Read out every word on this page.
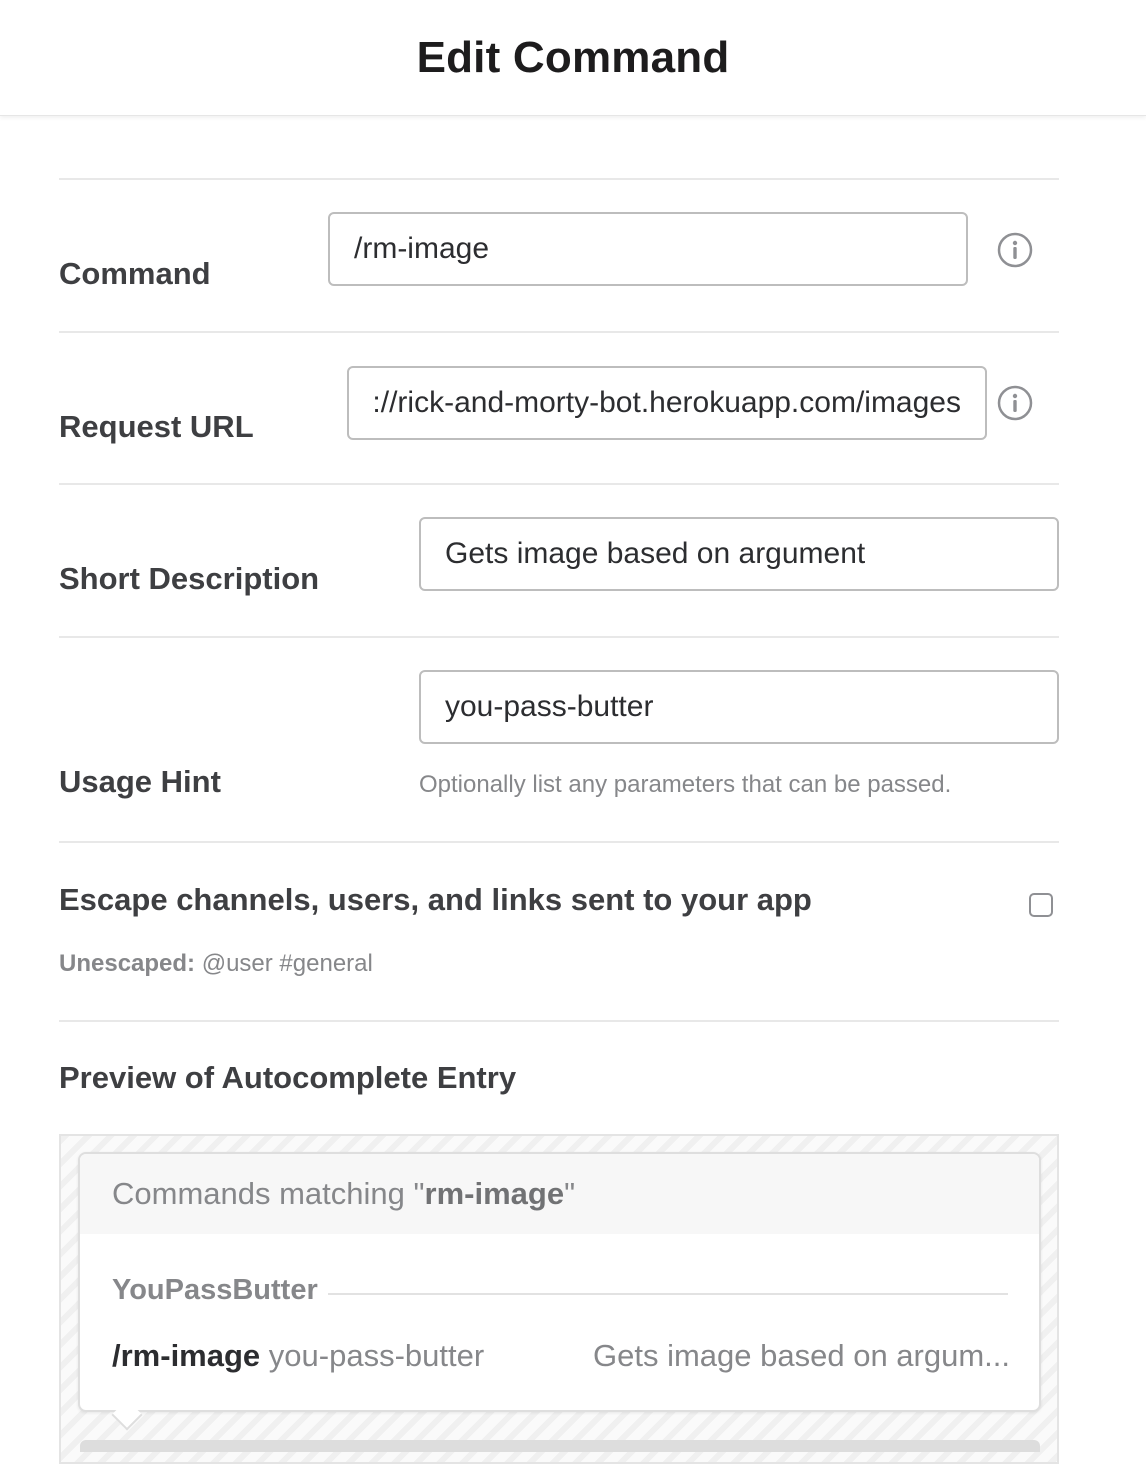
Edit Command
Command
/rm-image
Request URL
https://rick-and-morty-bot.herokuapp.com/images
Short Description
Gets image based on argument
Usage Hint
you-pass-butter	Optionally list any parameters that can be passed.
Escape channels, users, and links sent to your app
Unescaped: @user #general
Preview of Autocomplete Entry
Commands matching " rm-image "
YouPassButter
/rm-image you-pass-butter	Gets image based on argum...
